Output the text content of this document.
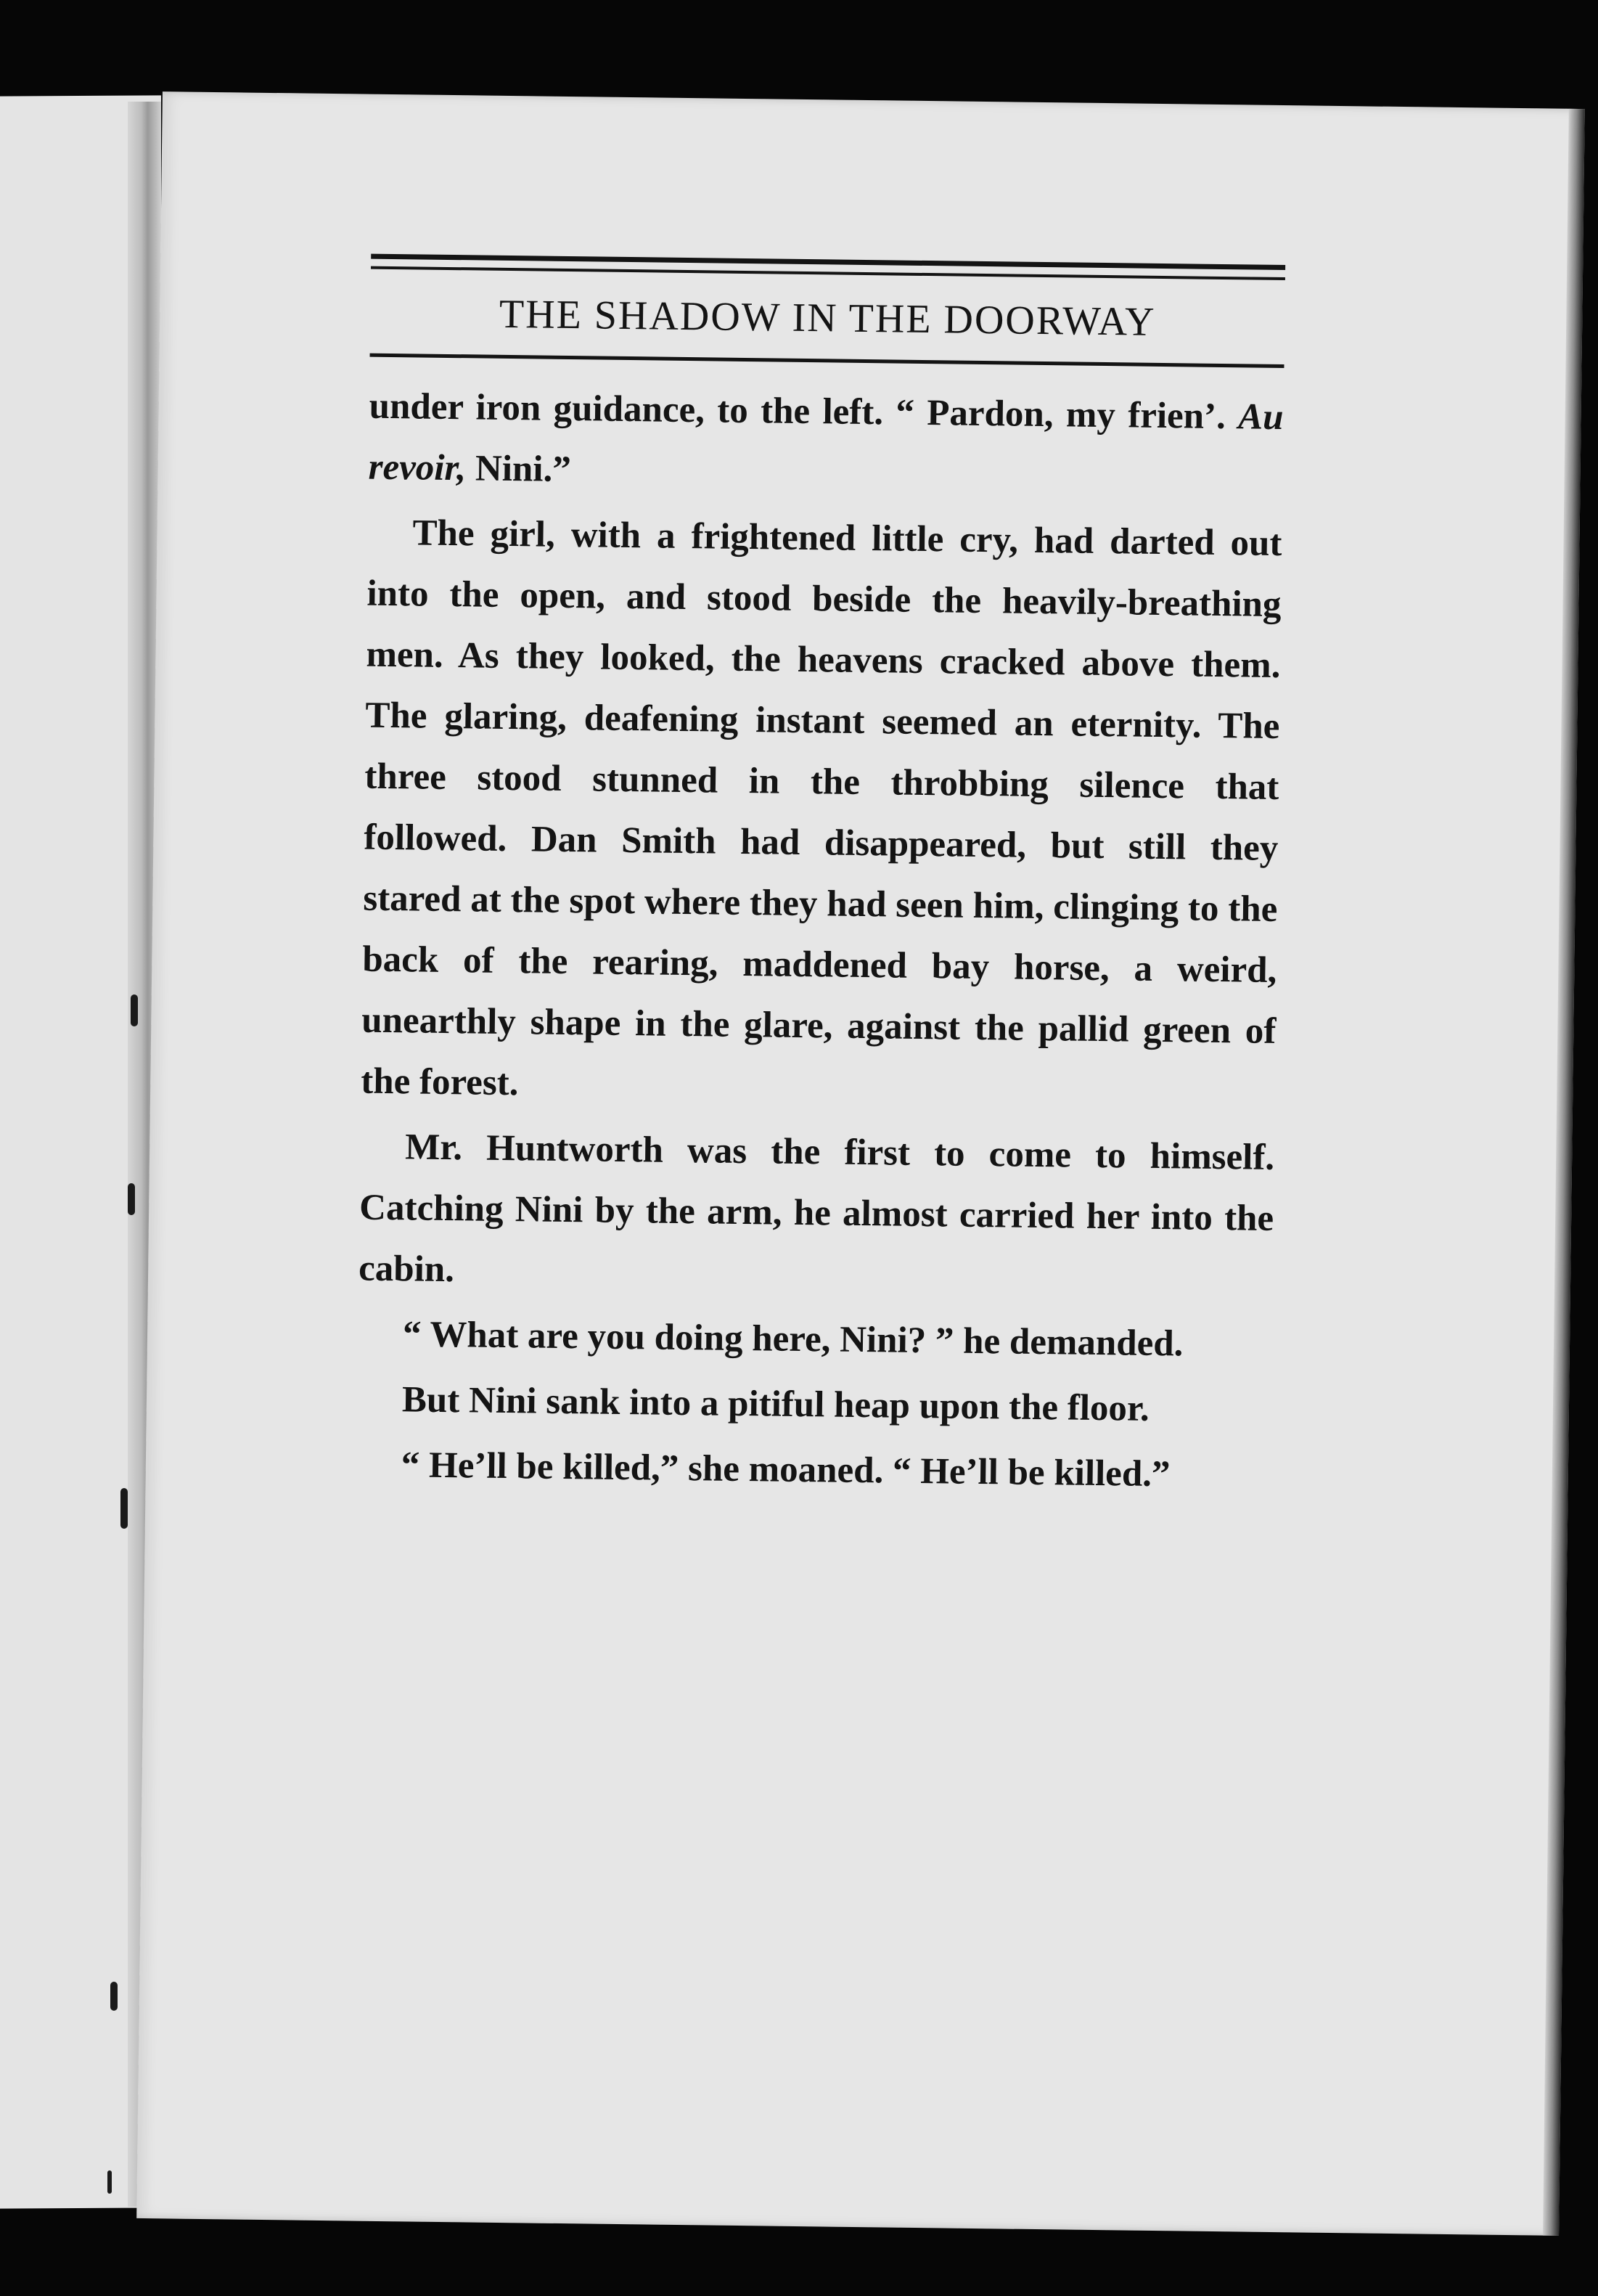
THE SHADOW IN THE DOORWAY

under iron guidance, to the left. “ Pardon, my frien’. Au revoir, Nini.”

The girl, with a frightened little cry, had darted out into the open, and stood beside the heavily-breathing men. As they looked, the heavens cracked above them. The glaring, deafening instant seemed an eternity. The three stood stunned in the throbbing silence that followed. Dan Smith had disappeared, but still they stared at the spot where they had seen him, clinging to the back of the rearing, maddened bay horse, a weird, unearthly shape in the glare, against the pallid green of the forest.

Mr. Huntworth was the first to come to himself. Catching Nini by the arm, he almost carried her into the cabin.

“ What are you doing here, Nini? ” he demanded.

But Nini sank into a pitiful heap upon the floor.

“ He’ll be killed,” she moaned. “ He’ll be killed.”
